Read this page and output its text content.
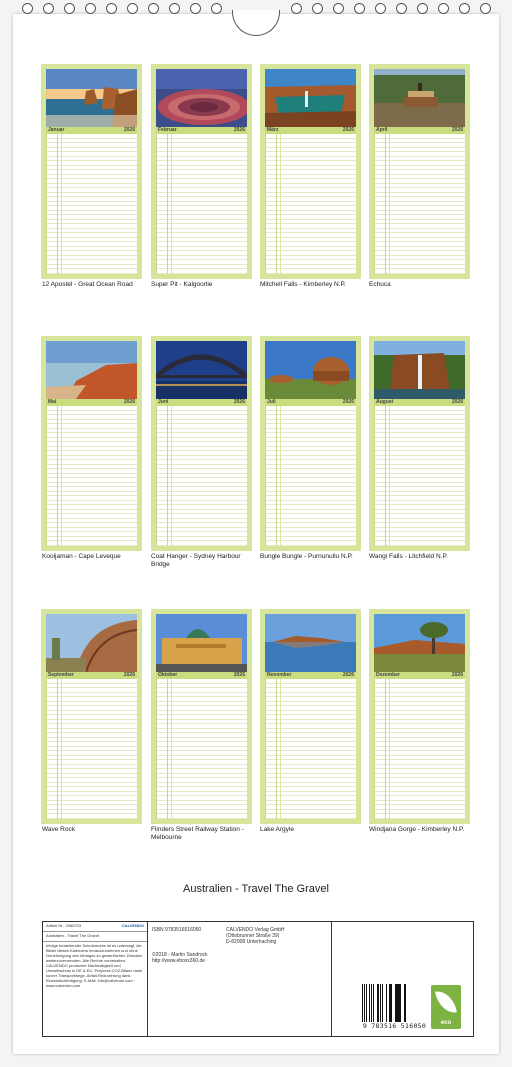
Januar	2026
12 Apostel - Great Ocean Road
Februar	2026
Super Pit - Kalgoorlie
März	2026
Mitchell Falls - Kimberley N.P.
April	2026
Echuca
Mai	2026
Kooljaman - Cape Leveque
Juni	2026
Coat Hanger - Sydney Harbour Bridge
Juli	2026
Bungle Bungle - Purnunullu N.P.
August	2026
Wangi Falls - Litchfield N.P.
September	2026
Wave Rock
Oktober	2026
Flinders Street Railway Station - Melbourne
November	2026
Lake Argyle
Dezember	2026
Windjana Gorge - Kimberley N.P.
Australien - Travel The Gravel
Artikel Nr.: 2086703	CALVENDO
Australien - Travel The Gravel
Infolge bestehender Schutzrechte ist es untersagt, die Bilder dieses Kalenders herauszunehmen und ohne Genehmigung des Verlages zu gewerblichen Zwecken weiterzuverwenden. Alle Rechte vorbehalten. CALVENDO produziert Nachhaltigkeit und Umweltschutz in DE & EU. Prepress-CO2-Bilanz dank kurzer Transportwege. Abfall-Reduzierung dank Einzelstückfertigung. E-Mail: info@calvendo.com · www.calvendo.com
ISBN 9783516516050
©2018 - Martin Sandrock
http://www.eboxx360.de
CALVENDO Verlag GmbH
(Ottobrunner Straße 39)
D-82008 Unterhaching
9 783516 516050	eco
